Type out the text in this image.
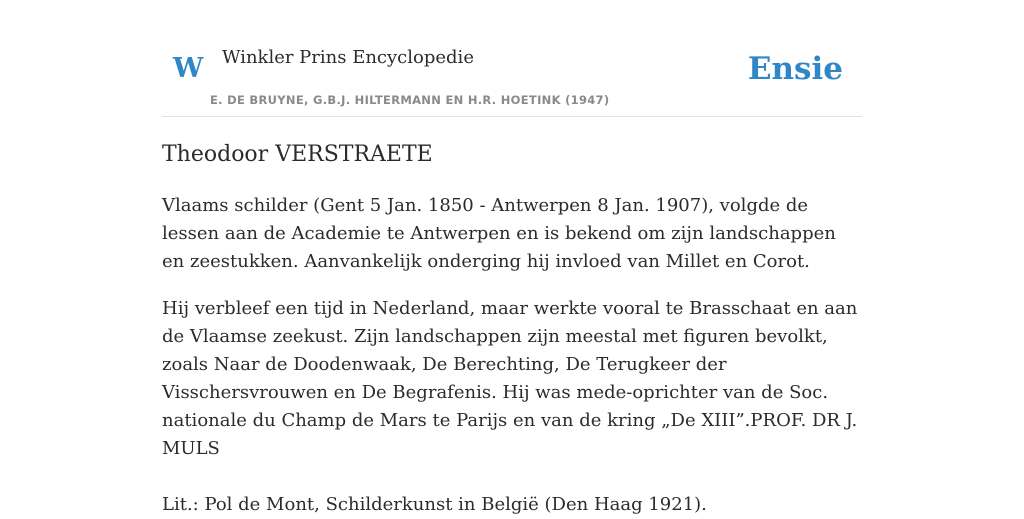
W Winkler Prins Encyclopedie
E. DE BRUYNE, G.B.J. HILTERMANN EN H.R. HOETINK (1947)
Ensie
Theodoor VERSTRAETE

Vlaams schilder (Gent 5 Jan. 1850 - Antwerpen 8 Jan. 1907), volgde de lessen aan de Academie te Antwerpen en is bekend om zijn landschappen en zeestukken. Aanvankelijk onderging hij invloed van Millet en Corot.

Hij verbleef een tijd in Nederland, maar werkte vooral te Brasschaat en aan de Vlaamse zeekust. Zijn landschappen zijn meestal met figuren bevolkt, zoals Naar de Doodenwaak, De Berechting, De Terugkeer der Visschersvrouwen en De Begrafenis. Hij was mede-oprichter van de Soc. nationale du Champ de Mars te Parijs en van de kring „De XIII”.PROF. DR J. MULS

Lit.: Pol de Mont, Schilderkunst in België (Den Haag 1921).
